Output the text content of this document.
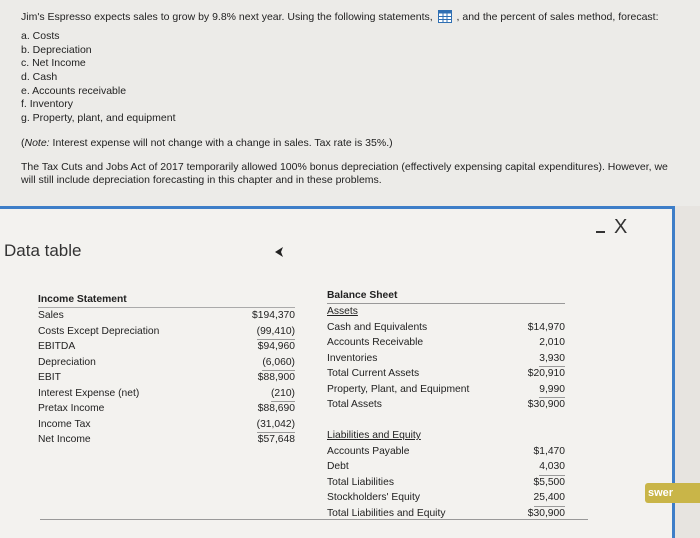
Jim's Espresso expects sales to grow by 9.8% next year. Using the following statements, , and the percent of sales method, forecast:
a. Costs
b. Depreciation
c. Net Income
d. Cash
e. Accounts receivable
f. Inventory
g. Property, plant, and equipment
(Note: Interest expense will not change with a change in sales. Tax rate is 35%.)
The Tax Cuts and Jobs Act of 2017 temporarily allowed 100% bonus depreciation (effectively expensing capital expenditures). However, we will still include depreciation forecasting in this chapter and in these problems.
Data table
X
Income Statement
Sales	$194,370
Costs Except Depreciation	(99,410)
EBITDA	$94,960
Depreciation	(6,060)
EBIT	$88,900
Interest Expense (net)	(210)
Pretax Income	$88,690
Income Tax	(31,042)
Net Income	$57,648
Balance Sheet
Assets
Cash and Equivalents	$14,970
Accounts Receivable	2,010
Inventories	3,930
Total Current Assets	$20,910
Property, Plant, and Equipment	9,990
Total Assets	$30,900
Liabilities and Equity
Accounts Payable	$1,470
Debt	4,030
Total Liabilities	$5,500
Stockholders' Equity	25,400
Total Liabilities and Equity	$30,900
swer
